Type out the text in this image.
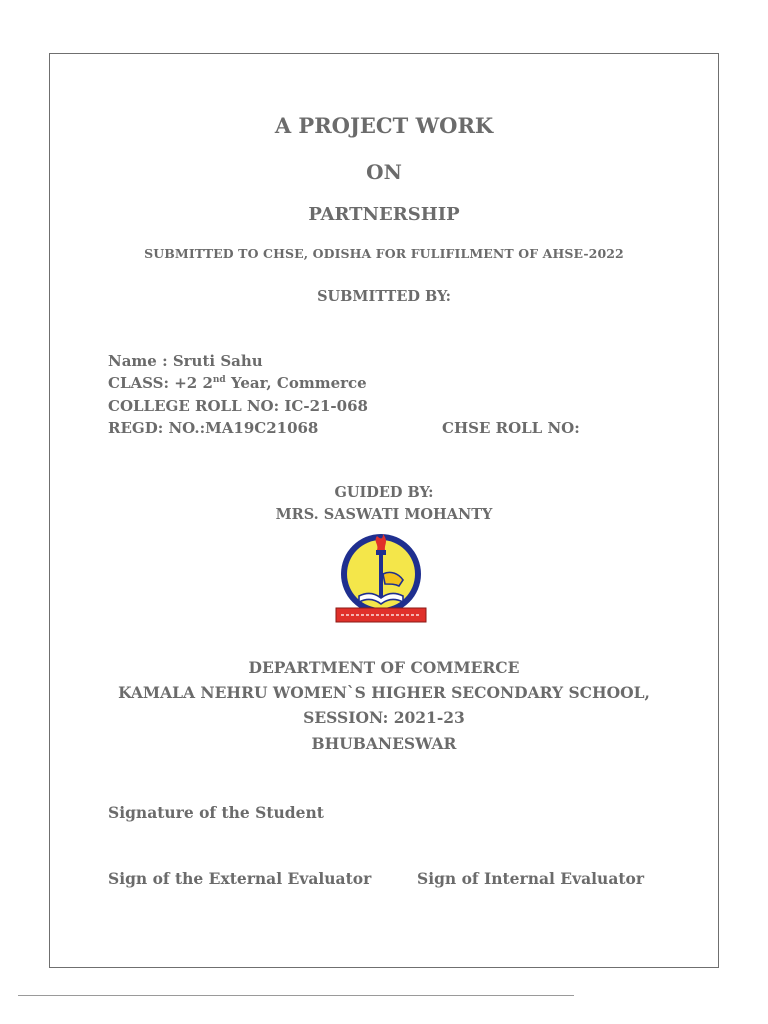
A PROJECT WORK
ON
PARTNERSHIP
SUBMITTED TO CHSE, ODISHA FOR FULIFILMENT OF AHSE-2022
SUBMITTED BY:
Name : Sruti Sahu
CLASS: +2 2nd Year, Commerce
COLLEGE ROLL NO: IC-21-068
REGD: NO.:MA19C21068	CHSE ROLL NO:
GUIDED BY:
MRS. SASWATI MOHANTY
DEPARTMENT OF COMMERCE
KAMALA NEHRU WOMEN`S HIGHER SECONDARY SCHOOL,
SESSION: 2021-23
BHUBANESWAR
Signature of the Student
Sign of the External Evaluator	Sign of Internal Evaluator
